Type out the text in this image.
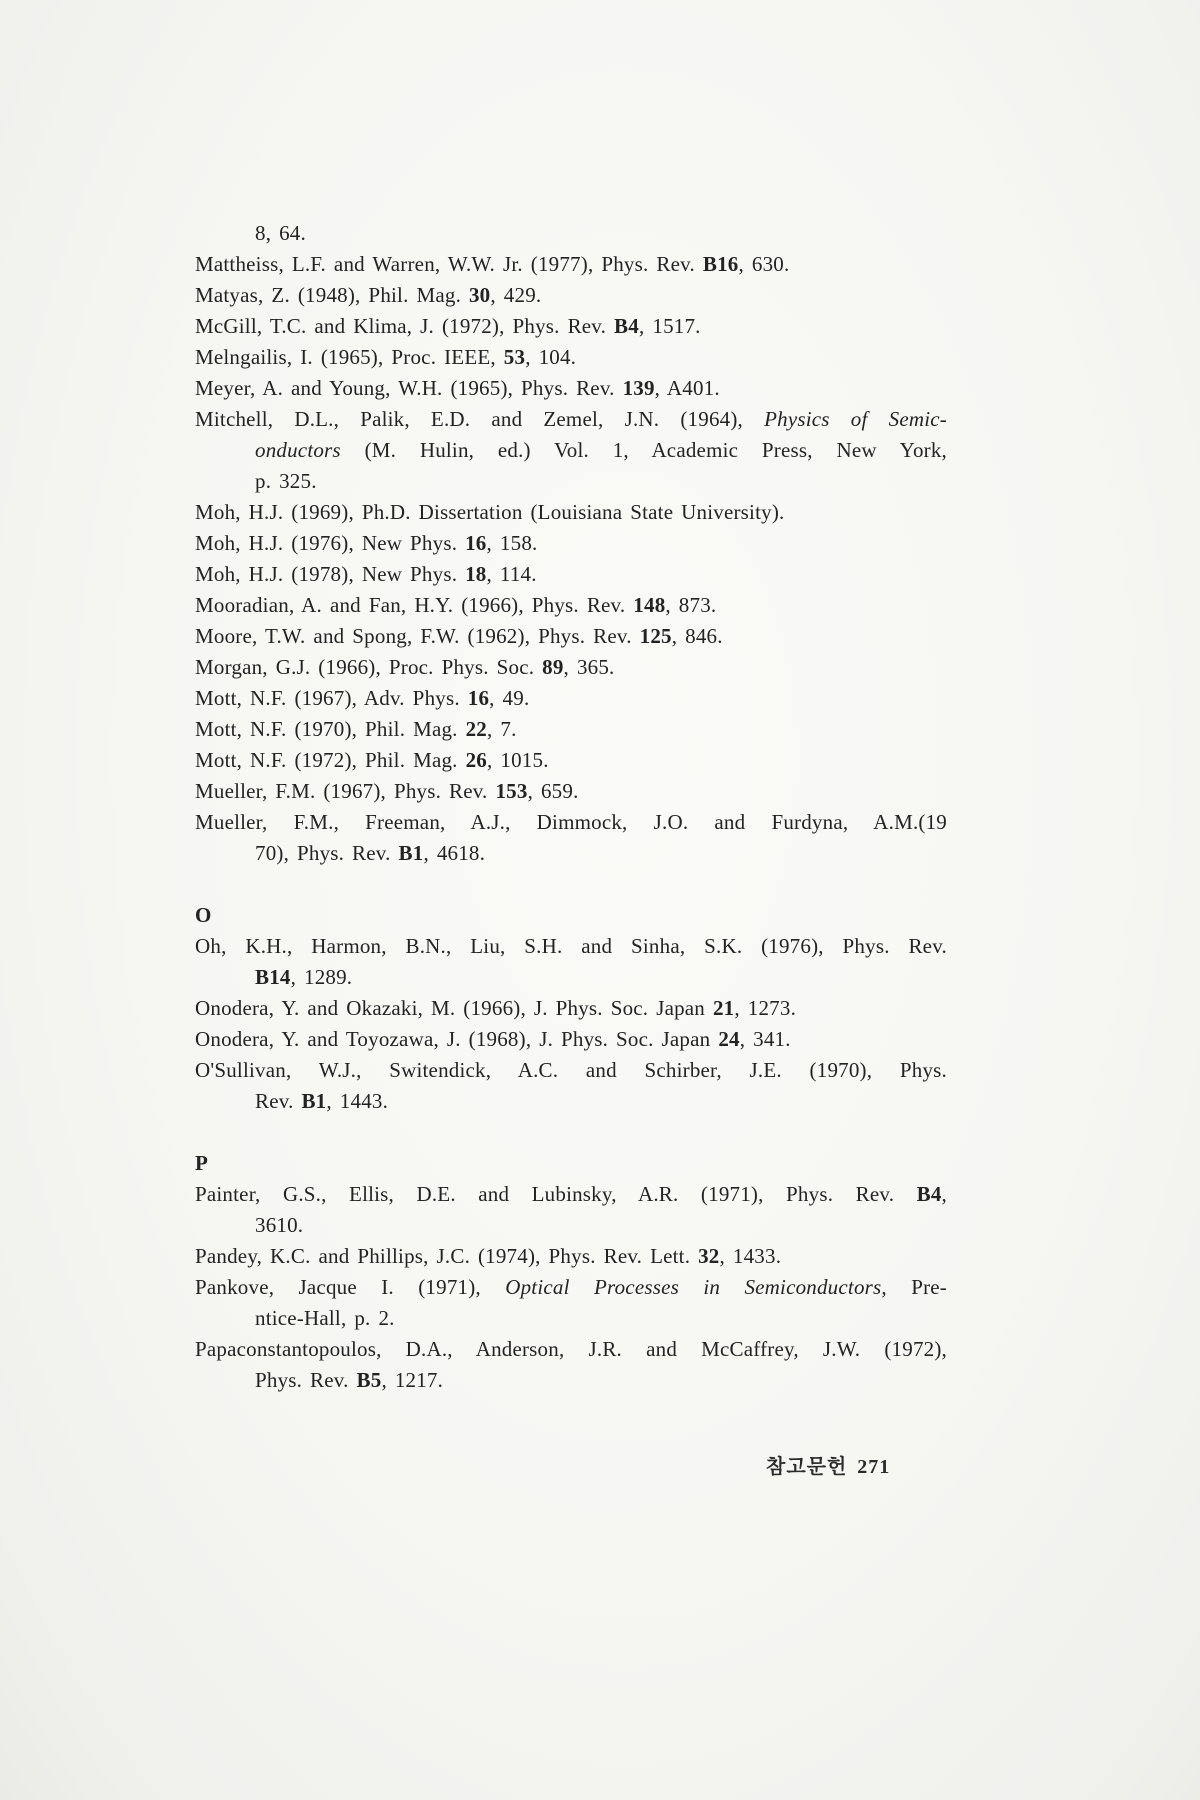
8, 64.
Mattheiss, L.F. and Warren, W.W. Jr. (1977), Phys. Rev. B16, 630.
Matyas, Z. (1948), Phil. Mag. 30, 429.
McGill, T.C. and Klima, J. (1972), Phys. Rev. B4, 1517.
Melngailis, I. (1965), Proc. IEEE, 53, 104.
Meyer, A. and Young, W.H. (1965), Phys. Rev. 139, A401.
Mitchell, D.L., Palik, E.D. and Zemel, J.N. (1964), Physics of Semic-
onductors (M. Hulin, ed.) Vol. 1, Academic Press, New York,
p. 325.
Moh, H.J. (1969), Ph.D. Dissertation (Louisiana State University).
Moh, H.J. (1976), New Phys. 16, 158.
Moh, H.J. (1978), New Phys. 18, 114.
Mooradian, A. and Fan, H.Y. (1966), Phys. Rev. 148, 873.
Moore, T.W. and Spong, F.W. (1962), Phys. Rev. 125, 846.
Morgan, G.J. (1966), Proc. Phys. Soc. 89, 365.
Mott, N.F. (1967), Adv. Phys. 16, 49.
Mott, N.F. (1970), Phil. Mag. 22, 7.
Mott, N.F. (1972), Phil. Mag. 26, 1015.
Mueller, F.M. (1967), Phys. Rev. 153, 659.
Mueller, F.M., Freeman, A.J., Dimmock, J.O. and Furdyna, A.M.(19
70), Phys. Rev. B1, 4618.
O
Oh, K.H., Harmon, B.N., Liu, S.H. and Sinha, S.K. (1976), Phys. Rev.
B14, 1289.
Onodera, Y. and Okazaki, M. (1966), J. Phys. Soc. Japan 21, 1273.
Onodera, Y. and Toyozawa, J. (1968), J. Phys. Soc. Japan 24, 341.
O'Sullivan, W.J., Switendick, A.C. and Schirber, J.E. (1970), Phys.
Rev. B1, 1443.
P
Painter, G.S., Ellis, D.E. and Lubinsky, A.R. (1971), Phys. Rev. B4,
3610.
Pandey, K.C. and Phillips, J.C. (1974), Phys. Rev. Lett. 32, 1433.
Pankove, Jacque I. (1971), Optical Processes in Semiconductors, Pre-
ntice-Hall, p. 2.
Papaconstantopoulos, D.A., Anderson, J.R. and McCaffrey, J.W. (1972),
Phys. Rev. B5, 1217.
참고문헌 271
